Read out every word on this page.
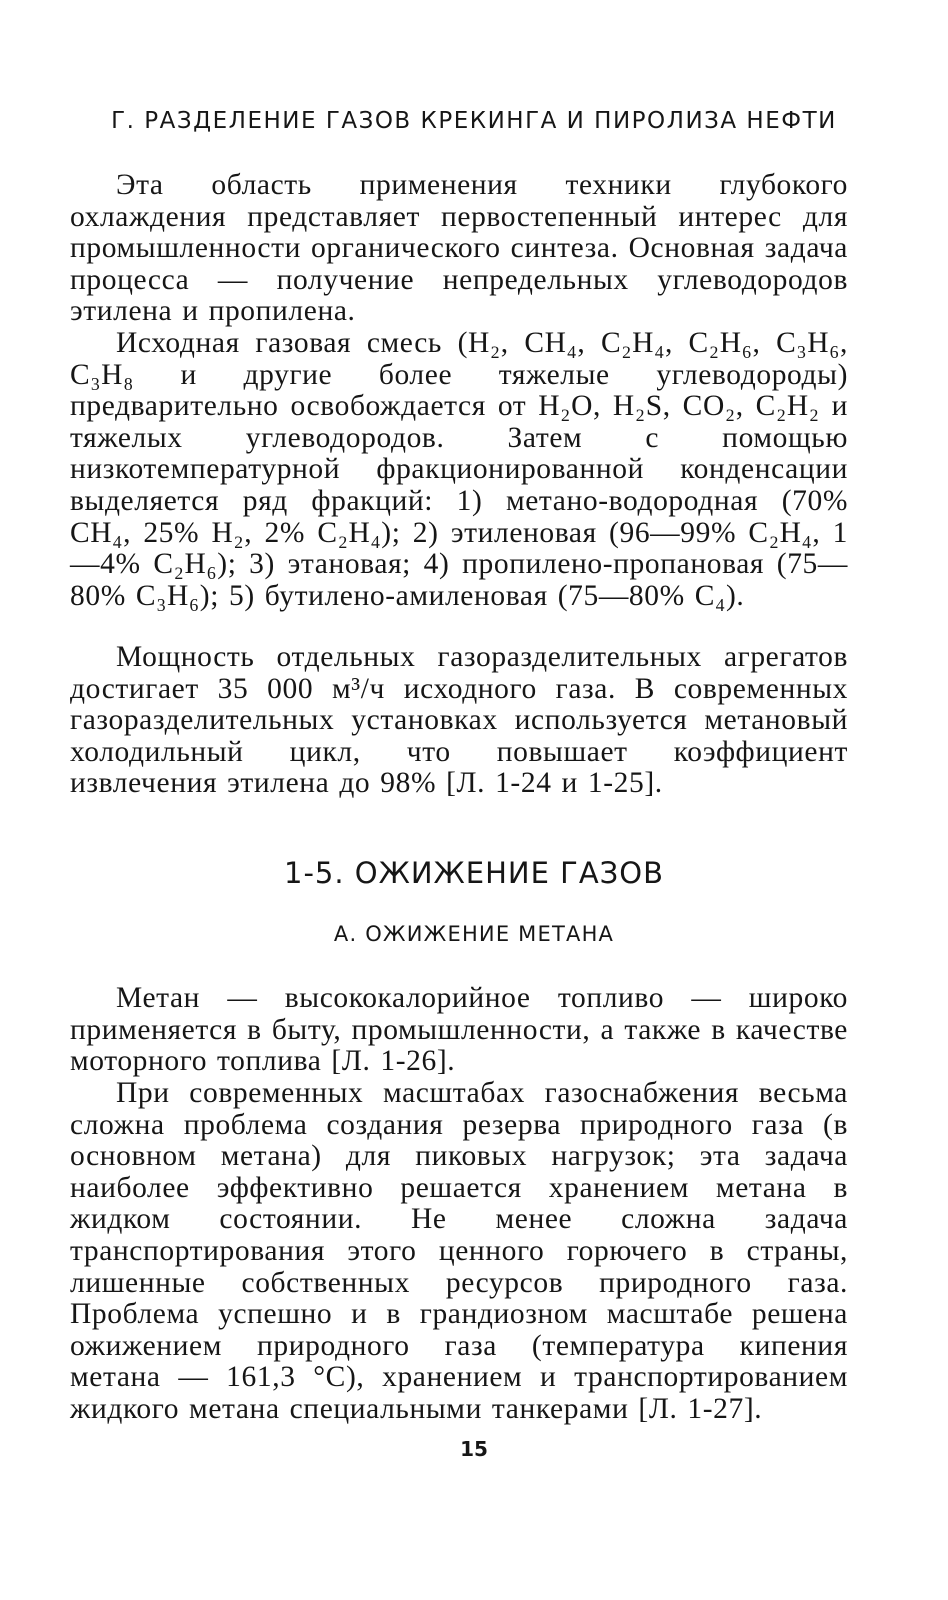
Г. РАЗДЕЛЕНИЕ ГАЗОВ КРЕКИНГА И ПИРОЛИЗА НЕФТИ

Эта область применения техники глубокого охлаждения представляет первостепенный интерес для промышленности органического синтеза. Основная задача процесса — получение непредельных углеводородов этилена и пропилена.

Исходная газовая смесь (H₂, CH₄, C₂H₄, C₂H₆, C₃H₆, C₃H₈ и другие более тяжелые углеводороды) предварительно освобождается от H₂O, H₂S, CO₂, C₂H₂ и тяжелых углеводородов. Затем с помощью низкотемпературной фракционированной конденсации выделяется ряд фракций: 1) метано-водородная (70% CH₄, 25% H₂, 2% C₂H₄); 2) этиленовая (96—99% C₂H₄, 1—4% C₂H₆); 3) этановая; 4) пропилено-пропановая (75—80% C₃H₆); 5) бутилено-амиленовая (75—80% C₄).

Мощность отдельных газоразделительных агрегатов достигает 35 000 м³/ч исходного газа. В современных газоразделительных установках используется метановый холодильный цикл, что повышает коэффициент извлечения этилена до 98% [Л. 1-24 и 1-25].

1-5. ОЖИЖЕНИЕ ГАЗОВ
А. ОЖИЖЕНИЕ МЕТАНА

Метан — высококалорийное топливо — широко применяется в быту, промышленности, а также в качестве моторного топлива [Л. 1-26].

При современных масштабах газоснабжения весьма сложна проблема создания резерва природного газа (в основном метана) для пиковых нагрузок; эта задача наиболее эффективно решается хранением метана в жидком состоянии. Не менее сложна задача транспортирования этого ценного горючего в страны, лишенные собственных ресурсов природного газа. Проблема успешно и в грандиозном масштабе решена ожижением природного газа (температура кипения метана — 161,3 °C), хранением и транспортированием жидкого метана специальными танкерами [Л. 1-27].

15
